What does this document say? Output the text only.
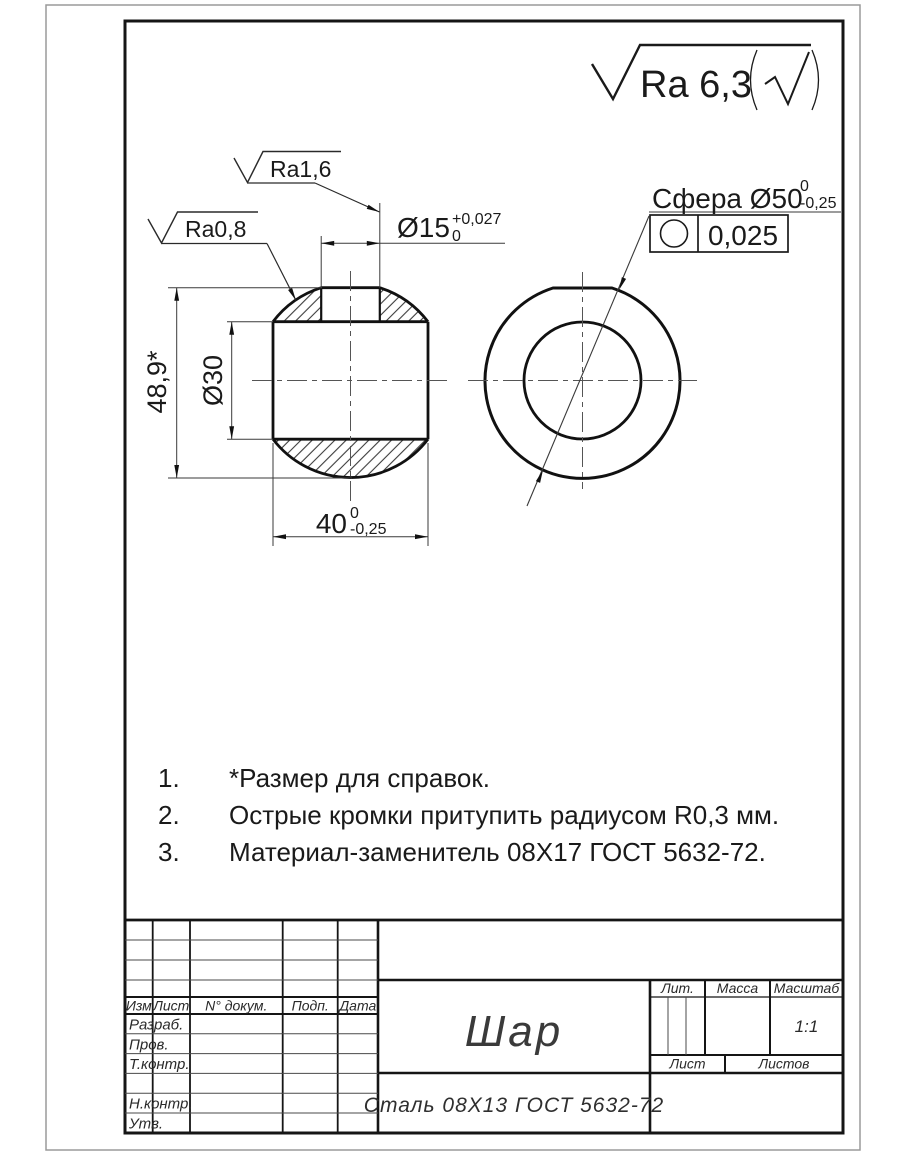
Ra 6,3
Ø15 +0,027
0
Ø30
48,9*
40 0
-0,25
Ra1,6
Ra0,8
Сфера Ø50
0
-0,25
0,025
1. *Размер для справок.
2. Острые кромки притупить радиусом R0,3 мм.
3. Материал-заменитель 08Х17 ГОСТ 5632-72.
Изм Лист N° докум. Подп. Дата
Разраб.
Пров.
Т.контр.
Н.контр.
Утв.
Лит. Масса Масштаб
1:1
Лист	Листов
Шар
Сталь 08Х13 ГОСТ 5632-72
